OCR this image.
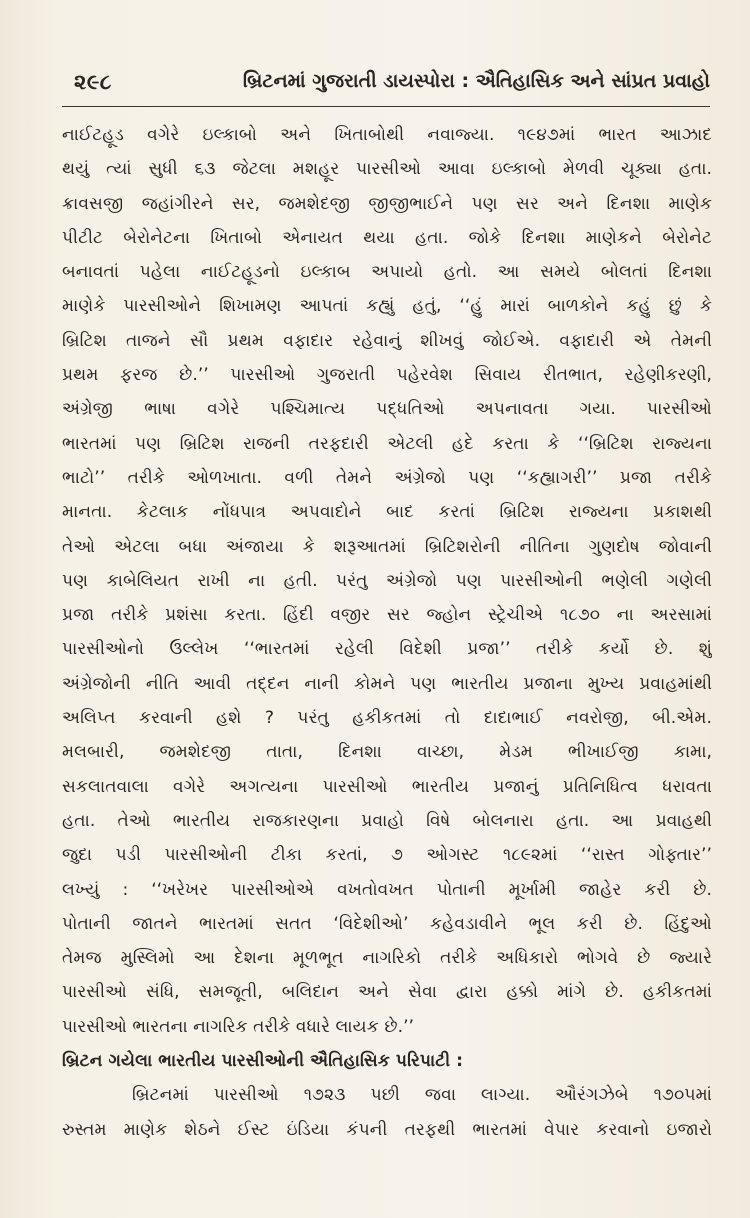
૨૯૮	બ્રિટનમાં ગુજરાતી ડાયસ્પોરા : ઐતિહાસિક અને સાંપ્રત પ્રવાહો
નાઈટહૂડ વગેરે ઇલ્કાબો અને ખિતાબોથી નવાજ્યા. ૧૯૪૭માં ભારત આઝાદ
થયું ત્યાં સુધી ૬૩ જેટલા મશહૂર પારસીઓ આવા ઇલ્કાબો મેળવી ચૂક્યા હતા.
ક્રાવસજી જહાંગીરને સર, જમશેદજી જીજીભાઈને પણ સર અને દિનશા માણેક
પીટીટ બેરોનેટના ખિતાબો એનાયત થયા હતા. જોકે દિનશા માણેકને બેરોનેટ
બનાવતાં પહેલા નાઈટહૂડનો ઇલ્કાબ અપાયો હતો. આ સમયે બોલતાં દિનશા
માણેકે પારસીઓને શિખામણ આપતાં કહ્યું હતું, ‘‘હું મારાં બાળકોને કહું છું કે
બ્રિટિશ તાજને સૌ પ્રથમ વફાદાર રહેવાનું શીખવું જોઈએ. વફાદારી એ તેમની
પ્રથમ ફરજ છે.’’ પારસીઓ ગુજરાતી પહેરવેશ સિવાય રીતભાત, રહેણીકરણી,
અંગ્રેજી ભાષા વગેરે પશ્ચિમાત્ય પદ્ધતિઓ અપનાવતા ગયા. પારસીઓ
ભારતમાં પણ બ્રિટિશ રાજની તરફદારી એટલી હદે કરતા કે ‘‘બ્રિટિશ રાજ્યના
ભાટો’’ તરીકે ઓળખાતા. વળી તેમને અંગ્રેજો પણ ‘‘કહ્યાગરી’’ પ્રજા તરીકે
માનતા. કેટલાક નોંધપાત્ર અપવાદોને બાદ કરતાં બ્રિટિશ રાજ્યના પ્રકાશથી
તેઓ એટલા બધા અંજાયા કે શરૂઆતમાં બ્રિટિશરોની નીતિના ગુણદોષ જોવાની
પણ કાબેલિયત રાખી ના હતી. પરંતુ અંગ્રેજો પણ પારસીઓની ભણેલી ગણેલી
પ્રજા તરીકે પ્રશંસા કરતા. હિંદી વજીર સર જ્હોન સ્ટ્રેચીએ ૧૮૭૦ ના અરસામાં
પારસીઓનો ઉલ્લેખ ‘‘ભારતમાં રહેલી વિદેશી પ્રજા’’ તરીકે કર્યો છે. શું
અંગ્રેજોની નીતિ આવી તદ્દન નાની કોમને પણ ભારતીય પ્રજાના મુખ્ય પ્રવાહમાંથી
અલિપ્ત કરવાની હશે ? પરંતુ હકીકતમાં તો દાદાભાઈ નવરોજી, બી.એમ.
મલબારી, જમશેદજી તાતા, દિનશા વાચ્છા, મેડમ ભીખાઈજી કામા,
સકલાતવાલા વગેરે અગત્યના પારસીઓ ભારતીય પ્રજાનું પ્રતિનિધિત્વ ધરાવતા
હતા. તેઓ ભારતીય રાજકારણના પ્રવાહો વિષે બોલનારા હતા. આ પ્રવાહથી
જુદા પડી પારસીઓની ટીકા કરતાં, ૭ ઓગસ્ટ ૧૮૯૨માં ‘‘રાસ્ત ગોફ્તાર’’
લખ્યું : ‘‘ખરેખર પારસીઓએ વખતોવખત પોતાની મૂર્ખામી જાહેર કરી છે.
પોતાની જાતને ભારતમાં સતત ‘વિદેશીઓ’ કહેવડાવીને ભૂલ કરી છે. હિંદુઓ
તેમજ મુસ્લિમો આ દેશના મૂળભૂત નાગરિકો તરીકે અધિકારો ભોગવે છે જ્યારે
પારસીઓ સંધિ, સમજૂતી, બલિદાન અને સેવા દ્વારા હક્કો માંગે છે. હકીકતમાં
પારસીઓ ભારતના નાગરિક તરીકે વધારે લાયક છે.’’
બ્રિટન ગયેલા ભારતીય પારસીઓની ઐતિહાસિક પરિપાટી :
બ્રિટનમાં પારસીઓ ૧૭૨૩ પછી જવા લાગ્યા. ઔરંગઝેબે ૧૭૦૫માં
રુસ્તમ માણેક શેઠને ઈસ્ટ ઇંડિયા કંપની તરફથી ભારતમાં વેપાર કરવાનો ઇજારો
